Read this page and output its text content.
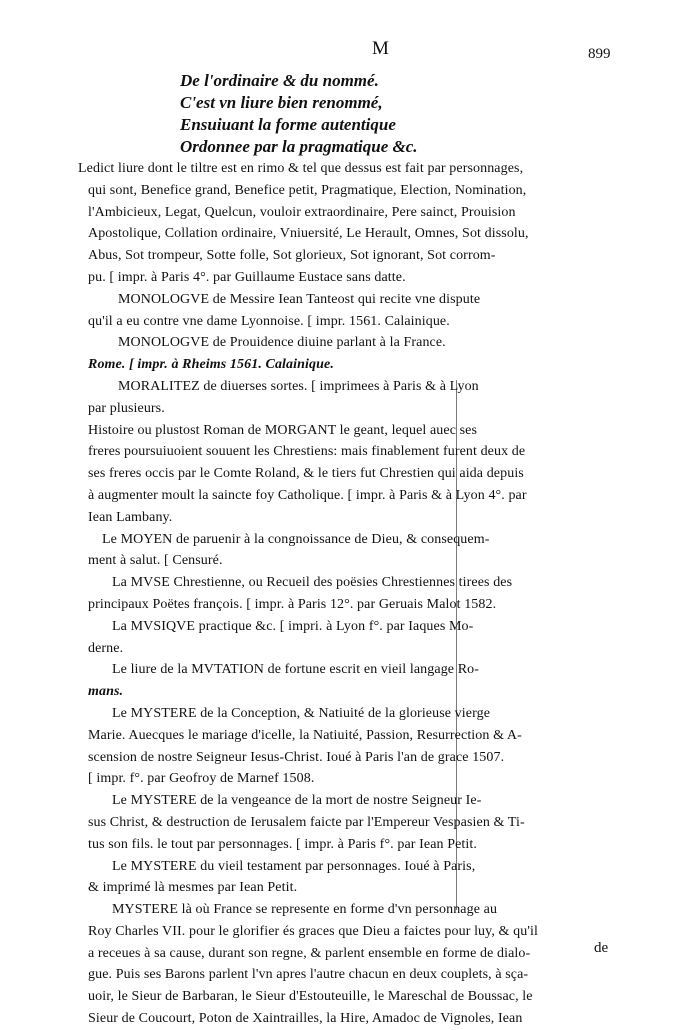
M	899
De l'ordinaire & du nommé.
C'est vn liure bien renommé,
Ensuiuant la forme autentique
Ordonnee par la pragmatique &c.
Ledict liure dont le tiltre est en rimo & tel que dessus est fait par personnages,
qui sont, Benefice grand, Benefice petit, Pragmatique, Election, Nomination,
l'Ambicieux, Legat, Quelcun, vouloir extraordinaire, Pere sainct, Prouision
Apostolique, Collation ordinaire, Vniuersité, Le Herault, Omnes, Sot dissolu,
Abus, Sot trompeur, Sotte folle, Sot glorieux, Sot ignorant, Sot corrom-
pu. [ impr. à Paris 4°. par Guillaume Eustace sans datte.
MONOLOGVE de Messire Iean Tanteost qui recite vne dispute
qu'il a eu contre vne dame Lyonnoise. [ impr. 1561. Calainique.
MONOLOGVE de Prouidence diuine parlant à la France.
Rome. [ impr. à Rheims 1561. Calainique.
MORALITEZ de diuerses sortes. [ imprimees à Paris & à Lyon
par plusieurs.
Histoire ou plustost Roman de MORGANT le geant, lequel auec ses
freres poursuiuoient souuent les Chrestiens: mais finablement furent deux de
ses freres occis par le Comte Roland, & le tiers fut Chrestien qui aida depuis
à augmenter moult la saincte foy Catholique. [ impr. à Paris & à Lyon 4°. par
Iean Lambany.
Le MOYEN de paruenir à la congnoissance de Dieu, & consequem-
ment à salut. [ Censuré.
La MVSE Chrestienne, ou Recueil des poësies Chrestiennes tirees des
principaux Poëtes françois. [ impr. à Paris 12°. par Geruais Malot 1582.
La MVSIQVE practique &c. [ impri. à Lyon f°. par Iaques Mo-
derne.
Le liure de la MVTATION de fortune escrit en vieil langage Ro-
mans.
Le MYSTERE de la Conception, & Natiuité de la glorieuse vierge
Marie. Auecques le mariage d'icelle, la Natiuité, Passion, Resurrection & A-
scension de nostre Seigneur Iesus-Christ. Ioué à Paris l'an de grace 1507.
[ impr. f°. par Geofroy de Marnef 1508.
Le MYSTERE de la vengeance de la mort de nostre Seigneur Ie-
sus Christ, & destruction de Ierusalem faicte par l'Empereur Vespasien & Ti-
tus son fils. le tout par personnages. [ impr. à Paris f°. par Iean Petit.
Le MYSTERE du vieil testament par personnages. Ioué à Paris,
& imprimé là mesmes par Iean Petit.
MYSTERE là où France se represente en forme d'vn personnage au
Roy Charles VII. pour le glorifier és graces que Dieu a faictes pour luy, & qu'il
a receues à sa cause, durant son regne, & parlent ensemble en forme de dialo-
gue. Puis ses Barons parlent l'vn apres l'autre chacun en deux couplets, à sça-
uoir, le Sieur de Barbaran, le Sieur d'Estouteuille, le Mareschal de Boussac, le
Sieur de Coucourt, Poton de Xaintrailles, la Hire, Amadoc de Vignoles, Iean
de
